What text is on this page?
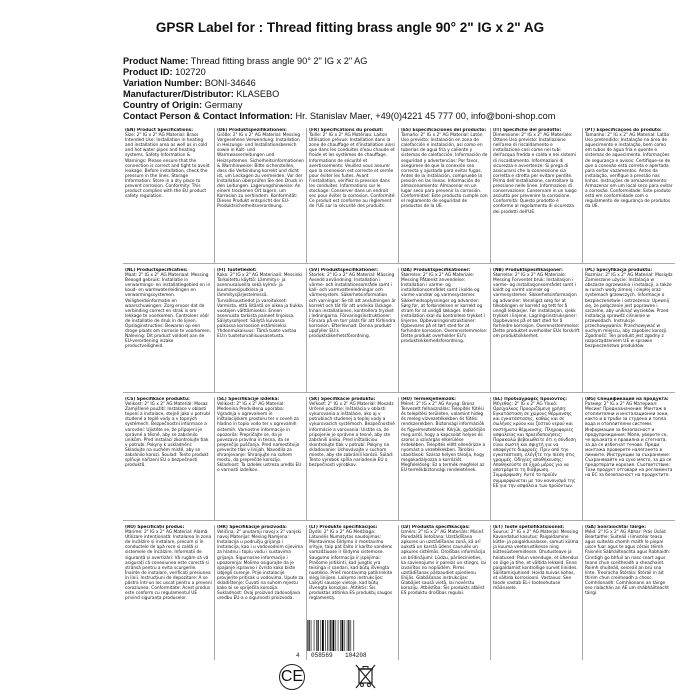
GPSR Label for : Thread fitting brass angle 90° 2" IG x 2" AG
Product Name: Thread fitting brass angle 90° 2" IG x 2" AG
Product ID: 102720
Variation Number: BONI-34646
Manufacturer/Distributor: KLASEBO
Country of Origin: Germany
Contact Person & Contact Information: Hr. Stanislav Maer, +49(0)4221 45 777 00, info@boni-shop.com
(EN) Product Specifications:
Size: 2" IG x 2" AG Material: Brass Intended Use: Installation in heating and installation area as well as in cold and hot water pipes and heating systems. Safety Information & Warnings: Please ensure that the connection is correct and tight to avoid leakage. Before installation, check the pressure in the lines. Storage Information: Store in a dry place to prevent corrosion. Conformity: This product complies with the EU product safety regulation.
(DE) Produktspezifikationen:
Größe: 2" IG x 2" AG Material: Messing Vorgesehene Verwendung: Installation in Heizungs- und Installationsbereich sowie in Kalt- und Warmwasserleitungen und Heizsystemen. Sicherheitsinformationen & Warnhinweise: Bitte sicherstellen, dass die Verbindung korrekt und dicht ist, um Leckagen zu vermeiden. Vor der Installation überprüfen Sie den Druck in den Leitungen. Lagerungshinweise: An einem trockenen Ort lagern, um Korrosion zu verhindern. Konformität: Dieses Produkt entspricht der EU-Produktsicherheitsverordnung.
(FR) Spécifications du produit:
Taille: 2" IG x 2" AG Matériau: Laiton Utilisation prévue: Installation dans la zone de chauffage et d'installation ainsi que dans les conduites d'eau chaude et froide et les systèmes de chauffage. Informations de sécurité et avertissements: Veuillez vous assurer que la connexion est correcte et serrée pour éviter les fuites. Avant l'installation, vérifiez la pression dans les conduites. Informations sur le stockage: Conserver dans un endroit sec pour éviter la corrosion. Conformité: Ce produit est conforme au règlement de l'UE sur la sécurité des produits.
(ES) Especificaciones del producto:
Tamaño: 2" IG x 2" AG Material: Latón Uso previsto: Instalación en zona de calefacción e instalación, así como en tuberías de agua fría y caliente y sistemas de calefacción. Información de seguridad y advertencias: Por favor, asegúrese de que la conexión sea correcta y ajustada para evitar fugas. Antes de la instalación, compruebe la presión en las líneas. Información de almacenamiento: Almacenar en un lugar seco para prevenir la corrosión. Conformidad: Este producto cumple con el reglamento de seguridad de productos de la UE.
(IT) Specifiche del prodotto:
Dimensione: 2" IG x 2" AG Materiale: Ottone Uso previsto: Installazione nell'area di riscaldamento e installazione così come nei tubi dell'acqua fredda e calda e nei sistemi di riscaldamento. Informazioni di sicurezza e avvertenze: Si prega di assicurarsi che la connessione sia corretta e stretta per evitare perdite. Prima dell'installazione, controllare la pressione nelle linee. Informazioni di conservazione: Conservare in un luogo asciutto per prevenire la corrosione. Conformità: Questo prodotto è conforme al regolamento di sicurezza dei prodotti dell'UE.
(PT) Especificações do produto:
Tamanho: 2" IG x 2" AG Material: Latão Uso pretendido: Instalação na área de aquecimento e instalação, bem como em tubos de água fria e quente e sistemas de aquecimento. Informações de segurança e avisos: Certifique-se de que a conexão está correta e apertada para evitar vazamentos. Antes da instalação, verifique a pressão nas linhas. Instruções de armazenamento: Armazenar em um local seco para evitar a corrosão. Conformidade: Este produto está em conformidade com o regulamento de segurança de produtos da UE.
(NL) Productspecificaties:
Maat: 2" IG x 2" AG Materiaal: Messing Beoogd gebruik: Installatie in verwarmings- en installatiegebied en in koud- en warmwaterleidingen en verwarmingssystemen. Veiligheidsinformatie en waarschuwingen: Zorg ervoor dat de verbinding correct en strak is om lekkage te voorkomen. Controleer vóór de installatie de druk in de lijnen. Opslaginstructies: Bewaren op een droge plaats om corrosie te voorkomen. Naleving: Dit product voldoet aan de EU-verordening inzake productveiligheid.
(FI) Tuotetiedot:
Koko: 2" IG x 2" AG Materiaali: Messinki Tarkoitettu käyttö: Lämmitys- ja asennusalueilla sekä kylmä- ja kuumavesiputkissa ja lämmitysjärjestelmissä. Turvallisuustiedot ja varoitukset: Varmista, että liitäntä on oikea ja tiukka vuotojen välttämiseksi. Ennen asennusta tarkista paineet linjoissa. Säilytysohjeet: Säilytä kuivassa paikassa korroosion estämiseksi. Yhdenmukaisuus: Tämä tuote vastaa EU:n tuoteturvallisuusasetusta.
(SV) Produktspecifikationer:
Storlek: 2" IG x 2" AG Material: Mässing Avsedd användning: Installation i värme- och installationsområde samt i kall- och varmvattenledningar och värmesystem. Säkerhetsinformation och varningar: Se till att anslutningen är korrekt och tät för att undvika läckage. Innan installationen, kontrollera trycket i ledningarna. Förvaringsinstruktioner: Förvara på en torr plats för att förhindra korrosion. Efterlevnad: Denna produkt uppfyller EU:s produktsäkerhetsförordning.
(DA) Produktspecifikationer:
Størrelse: 2" IG x 2" AG Materiale: Messing Påtænkt anvendelse: Installation i varme- og installationsområdet samt i kolde og varme vandrør og varmesystemer. Sikkerhedsoplysninger og advarsler: Sørg for, at forbindelsen er korrekt og stram for at undgå lækager. Inden installation skal du kontrollere trykket i linjerne. Opbevaringsinstruktioner: Opbevares på et tørt sted for at forhindre korrosion. Overensstemmelse: Dette produkt overholder EU's produktsikkerhedsforordning.
(NB) Produktspesifikasjoner:
Størrelse: 2" IG x 2" AG Materiale: Messing Forventet bruk: Installasjon i varme- og installasjonsområdet samt i kaldt og varmt vannrør og varmesystemer. Sikkerhetsinformasjon og advarsler: Vennligst sørg for at tilkoblingen er korrekt og tett for å unngå lekkasjer. Før installasjon, sjekk trykket i linjene. Lagringsinstruksjoner: Oppbevares på et tørt sted for å forhindre korrosjon. Overensstemmelse: Dette produktet overholder EUs forskrift om produktsikkerhet.
(PL) Specyfikacja produktu:
Rozmiar: 2" IG x 2" AG Materiał: Mosiądz Zamierzone użycie: Instalacja w obszarze ogrzewania i instalacji, a także w rurach wody zimnej i ciepłej oraz systemach grzewczych. Informacje o bezpieczeństwie i ostrzeżenia: Upewnij się, że połączenie jest poprawne i szczelne, aby uniknąć wycieków. Przed instalacją sprawdź ciśnienie w przewodach. Instrukcje przechowywania: Przechowywać w suchym miejscu, aby zapobiec korozji. Zgodność: Ten produkt jest zgodny z rozporządzeniem UE w sprawie bezpieczeństwa produktów.
(CS) Specifikace produktu:
Velikost: 2" IG x 2" AG Materiál: Mosaz Zamýšlené použití: Instalace v oblasti topení a instalace, stejně jako v potrubí studené a teplé vody a v topných systémech. Bezpečnostní informace a varování: Ujistěte se, že připojení je správné a těsné, aby se zabránilo únikům. Před instalací zkontrolujte tlak v potrubí. Pokyny k uskladnění: Skladujte na suchém místě, aby se zabránilo korozi. Soulad: Tento produkt splňuje nařízení EU o bezpečnosti produktů.
(SL) Specifikacije izdelka:
Velikost: 2" IG x 2" AG Material: Medenina Predvidena uporaba: Vgradnja v ogrevalnem in inštalacijskem prostoru ter v ceveh za hladno in toplo vodo ter v ogrevalnih sistemih. Varnostne informacije in opozorila: Prepričajte se, da je povezava pravilna in tesna, da se preprečijo puščanja. Pred namestitvijo preverite tlak v linijah. Navodila za shranjevanje: Shranjujte na suhem mestu, da preprečite korozijo. Skladnost: Ta izdelek ustreza uredbi EU o varnosti izdelkov.
(SK) Špecifikácie produktu:
Veľkosť: 2" IG x 2" AG Materiál: Mosadz Určené použitie: Inštalácia v oblasti vykurovania a inštalácie, ako aj v potrubiach studenej a teplej vody a vykurovacích systémoch. Bezpečnostné informácie a varovania: Uistite sa, že pripojenie je správne a tesné, aby ste zabránili úniku. Pred inštaláciou skontrolujte tlak v potrubí. Pokyny na skladovanie: Uchovávajte v suchom mieste, aby ste zabránili korózii. Súlad: Tento výrobok spĺňa nariadenie EÚ o bezpečnosti výrobkov.
(HU) Termékjellemzők:
Méret: 2" IG x 2" AG Anyag: Bronz Tervezett felhasználás: Telepítés fűtési és telepítési területen, valamint hideg és meleg vízvezetékekben és fűtési rendszerekben. Biztonsági információk és figyelmeztetések: Kérjük, győződjön meg arról, hogy a kapcsolat helyes és szoros a szivárgás elkerülése érdekében. Telepítés előtt ellenőrizze a nyomást a vezetékekben. Tárolási utasítások: Száraz helyen tárolja, hogy megakadályozza a korróziót. Megfelelőség: Ez a termék megfelel az EU termékbiztonsági rendeletének.
(EL) Προδιαγραφές προϊόντος:
Μέγεθος: 2" IG x 2" AG Υλικό: Ορείχαλκος Προοριζόμενη χρήση: Εγκατάσταση σε χώρους θέρμανσης και εγκατάστασης, καθώς και σε σωλήνες κρύου και ζεστού νερού και συστήματα θέρμανσης. Πληροφορίες ασφαλείας και προειδοποιήσεις: Παρακαλώ βεβαιωθείτε ότι η σύνδεση είναι σωστή και σφιχτή για να αποφύγετε διαρροές. Πριν από την εγκατάσταση, ελέγξτε την πίεση στις γραμμές. Οδηγίες αποθήκευσης: Αποθηκεύστε σε ξηρό μέρος για να αποτρέψετε τη διάβρωση. Συμμόρφωση: Αυτό το προϊόν συμμορφώνεται με τον κανονισμό της ΕΕ για την ασφάλεια των προϊόντων.
(BG) Спецификация на продукта:
Размер: 2" IG x 2" AG Материал: Месинг Предназначение: Монтаж в отоплителни и инсталационни зони, както и в тръби за студена и топла вода и отоплителни системи. Информация за безопасност и предупреждения: Моля, уверете се, че връзката е правилна и стегната, за да се избегнат течове. Преди монтажа проверете налягането в линиите. Инструкции за съхранение: Съхранявайте на сухо място, за да се предотврати корозия. Съответствие: Този продукт отговаря на регламента на ЕС за безопасност на продуктите.
(RO) Specificații produs:
Mărime: 2" IG x 2" AG Material: Alamă Utilizare intenționată: Instalarea în zona de încălzire și instalare, precum și în conductele de apă rece și caldă și sistemele de încălzire. Informații de siguranță și avertizări: Vă rugăm să vă asigurați că conexiunea este corectă și strânsă pentru a evita scurgerile. Înainte de instalare, verificați presiunea în linii. Instrucțiuni de depozitare: A se păstra într-un loc uscat pentru a preveni coroziunea. Conformitate: Acest produs este conform cu regulamentul UE privind siguranța produselor.
(HR) Specifikacije proizvoda:
Veličina: 2" unutarnji navoj x 2" vanjski navoj Materijal: Mesing Namjena: Instalacija u području grijanja i instalacija, kao i u vodovodnim cijevima za hladnu i toplu vodu i sustavima grijanja. Sigurnosne informacije i upozorenja: Molimo osigurajte da je spajanje ispravno i čvrsto kako biste izbjegli curenje. Prije instalacije provjerite pritisak u vodovima. Upute za skladištenje: Čuvati na suhom mjestu kako bi se spriječila korozija. Sukladnost: Ovaj proizvod zadovoljava uredbu EU-a o sigurnosti proizvoda.
(LT) Produkto specifikacijos:
Dydis: 2" IG x 2" AG Medžiaga: Latunėlis Numatytas naudojimas: Montavimas šildymo ir montavimo srityje, taip pat šalto ir karšto vandens vamzdžiuose ir šildymo sistemose. Saugumo informacija ir įspėjimai: Prašome įsitikinti, kad jungtis yra teisinga ir sandari, kad būtų išvengta nuotėkio. Prieš montavimą patikrinkite slėgį linijose. Laikymo instrukcijos: Laikyti sausoje vietoje, kad būtų išvengta korozijos. Atitiktis: Šis produktas atitinka ES produktų saugos reglamentą.
(LV) Produkta specifikācijas:
Izmērs: 2" IG x 2" AG Materiāls: Misiņš Paredzētā lietošana: Uzstādīšana apkures un uzstādīšanas zonā, kā arī aukstā un karstā ūdens caurulēs un apkures sistēmās. Drošības informācija un brīdinājumi: Lūdzu, pārliecinieties, ka savienojums ir pareizs un stingrs, lai izvairītos no noplūdēm. Pirms uzstādīšanas pārbaudiet spiedienu līnijās. Glabāšanas instrukcijas: Glabājiet sausā vietā, lai novērstu koroziju. Atbilstība: Šis produkts atbilst ES produktu drošības regulai.
(ET) Toote spetsifikatsioonid:
Suurus: 2" IG x 2" AG Materjal: Messing Kavandatud kasutus: Paigaldamine kütte- ja paigaldusalasse, samuti külma ja kuuma veetorustikesse ning küttesüsteemidesse. Ohutusteave ja hoiatused: Palun veenduge, et ühendus on õige ja tihe, et vältida lekkeid. Enne paigaldamist kontrollige survet liinides. Säilitamisjuhised: Hoida kuivas kohas, et vältida korrosiooni. Vastavus: See toode vastab EL-i tooteohutuse määrusele.
(GA) Sonraíochtaí Táirge:
Méid: 2" IG x 2" AG Ábhar: Prás Úsáid Beartaithe: Suiteáil i limistéar teasa agus suiteála chomh maith le píopaí uisce fuar agus te agus córais téimh. Faisnéis Sábháilteachta agus Rabhaidh: Cinntigh go bhfuil an nasc ceart agus teann chun sceitheadh a sheachaint. Roimh shuiteáil, seiceáil an brú sna línte. Treoracha Stórála: Stóráil in áit thirim chun creimeadh a chosc. Comhlíonadh: Comhlíonann an táirge seo rialachán an AE um shábháilteacht táirgí.
4 058569 104208
CE
